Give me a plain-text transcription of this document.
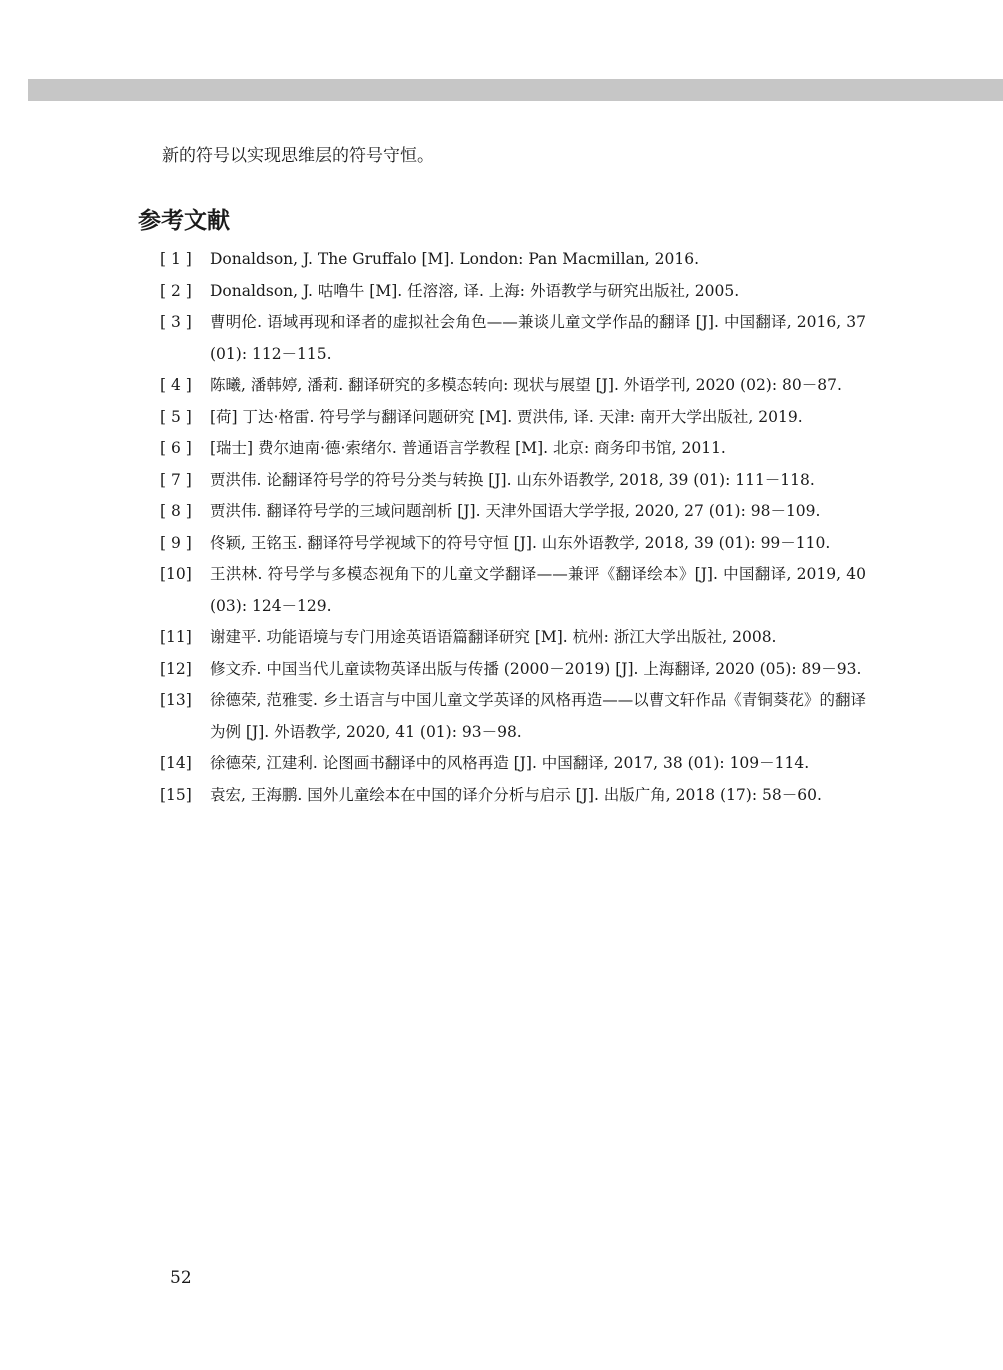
新的符号以实现思维层的符号守恒。

参考文献
[ 1 ]	Donaldson, J. The Gruffalo [M]. London: Pan Macmillan, 2016.
[ 2 ]	Donaldson, J. 咕噜牛 [M]. 任溶溶, 译. 上海: 外语教学与研究出版社, 2005.
[ 3 ]	曹明伦. 语域再现和译者的虚拟社会角色——兼谈儿童文学作品的翻译 [J]. 中国翻译, 2016, 37 (01): 112－115.
[ 4 ]	陈曦, 潘韩婷, 潘莉. 翻译研究的多模态转向: 现状与展望 [J]. 外语学刊, 2020 (02): 80－87.
[ 5 ]	[荷] 丁达·格雷. 符号学与翻译问题研究 [M]. 贾洪伟, 译. 天津: 南开大学出版社, 2019.
[ 6 ]	[瑞士] 费尔迪南·德·索绪尔. 普通语言学教程 [M]. 北京: 商务印书馆, 2011.
[ 7 ]	贾洪伟. 论翻译符号学的符号分类与转换 [J]. 山东外语教学, 2018, 39 (01): 111－118.
[ 8 ]	贾洪伟. 翻译符号学的三域问题剖析 [J]. 天津外国语大学学报, 2020, 27 (01): 98－109.
[ 9 ]	佟颖, 王铭玉. 翻译符号学视域下的符号守恒 [J]. 山东外语教学, 2018, 39 (01): 99－110.
[10]	王洪林. 符号学与多模态视角下的儿童文学翻译——兼评《翻译绘本》[J]. 中国翻译, 2019, 40 (03): 124－129.
[11]	谢建平. 功能语境与专门用途英语语篇翻译研究 [M]. 杭州: 浙江大学出版社, 2008.
[12]	修文乔. 中国当代儿童读物英译出版与传播 (2000－2019) [J]. 上海翻译, 2020 (05): 89－93.
[13]	徐德荣, 范雅雯. 乡土语言与中国儿童文学英译的风格再造——以曹文轩作品《青铜葵花》的翻译为例 [J]. 外语教学, 2020, 41 (01): 93－98.
[14]	徐德荣, 江建利. 论图画书翻译中的风格再造 [J]. 中国翻译, 2017, 38 (01): 109－114.
[15]	袁宏, 王海鹏. 国外儿童绘本在中国的译介分析与启示 [J]. 出版广角, 2018 (17): 58－60.
52
